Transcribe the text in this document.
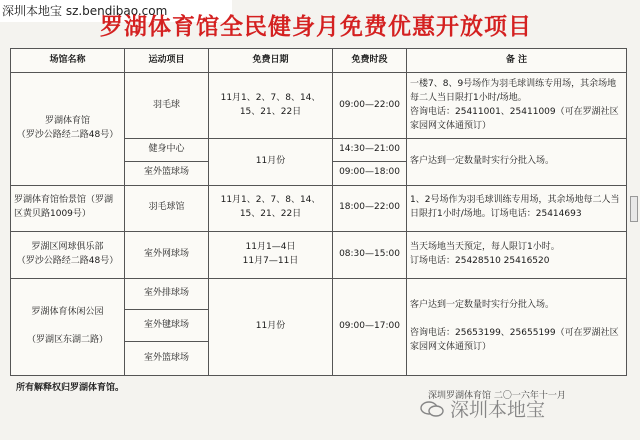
深圳本地宝 sz.bendibao.com
罗湖体育馆全民健身月免费优惠开放项目
场馆名称	运动项目	免费日期	免费时段	备 注
罗湖体育馆
（罗沙公路经二路48号）	羽毛球	11月1、2、7、8、14、
15、21、22日	09:00—22:00	一楼7、8、9号场作为羽毛球训练专用场，其余场地每二人当日限打1小时/场地。
咨询电话：25411001、25411009（可在罗湖社区家园网文体通预订）
	健身中心	11月份	14:30—21:00	客户达到一定数量时实行分批入场。
	室外篮球场		09:00—18:00	
罗湖体育馆怡景馆（罗湖区黄贝路1009号）	羽毛球馆	11月1、2、7、8、14、
15、21、22日	18:00—22:00	1、2号场作为羽毛球训练专用场，其余场地每二人当日限打1小时/场地。订场电话：25414693
罗湖区网球俱乐部
（罗沙公路经二路48号）	室外网球场	11月1—4日
11月7—11日	08:30—15:00	当天场地当天预定，每人限订1小时。
订场电话：25428510 25416520
罗湖体育休闲公园

（罗湖区东湖二路）	室外排球场	11月份	09:00—17:00	客户达到一定数量时实行分批入场。

咨询电话：25653199、25655199（可在罗湖社区家园网文体通预订）
	室外毽球场			
	室外篮球场			
所有解释权归罗湖体育馆。
深圳罗湖体育馆 二〇一六年十一月
深圳本地宝
